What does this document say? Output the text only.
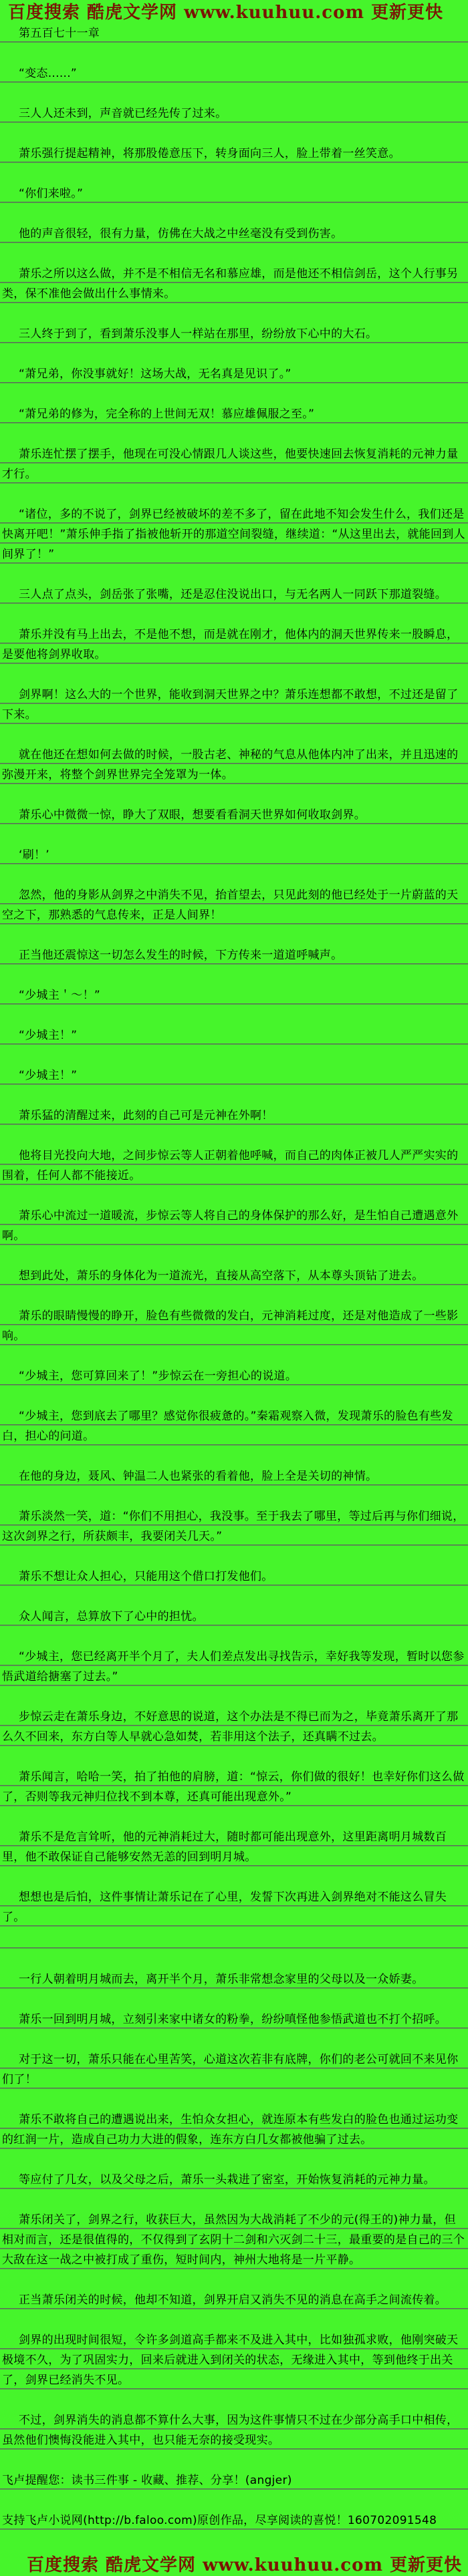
百度搜索 酷虎文学网 www.kuuhuu.com 更新更快
第五百七十一章
“变态......”
三人人还未到，声音就已经先传了过来。
萧乐强行提起精神，将那股倦意压下，转身面向三人，脸上带着一丝笑意。
“你们来啦。”
他的声音很轻，很有力量，仿佛在大战之中丝毫没有受到伤害。
萧乐之所以这么做，并不是不相信无名和慕应雄，而是他还不相信剑岳，这个人行事另类，保不准他会做出什么事情来。
三人终于到了，看到萧乐没事人一样站在那里，纷纷放下心中的大石。
“萧兄弟，你没事就好！这场大战，无名真是见识了。”
“萧兄弟的修为，完全称的上世间无双！慕应雄佩服之至。”
萧乐连忙摆了摆手，他现在可没心情跟几人谈这些，他要快速回去恢复消耗的元神力量才行。
“诸位，多的不说了，剑界已经被破坏的差不多了，留在此地不知会发生什么，我们还是快离开吧！”萧乐伸手指了指被他斩开的那道空间裂缝，继续道：“从这里出去，就能回到人间界了！”
三人点了点头，剑岳张了张嘴，还是忍住没说出口，与无名两人一同跃下那道裂缝。
萧乐并没有马上出去，不是他不想，而是就在刚才，他体内的洞天世界传来一股瞬息，是要他将剑界收取。
剑界啊！这么大的一个世界，能收到洞天世界之中？萧乐连想都不敢想，不过还是留了下来。
就在他还在想如何去做的时候，一股古老、神秘的气息从他体内冲了出来，并且迅速的弥漫开来，将整个剑界世界完全笼罩为一体。
萧乐心中微微一惊，睁大了双眼，想要看看洞天世界如何收取剑界。
‘刷！’
忽然，他的身影从剑界之中消失不见，抬首望去，只见此刻的他已经处于一片蔚蓝的天空之下，那熟悉的气息传来，正是人间界！
正当他还震惊这一切怎么发生的时候，下方传来一道道呼喊声。
“少城主＇～！”
“少城主！”
“少城主！”
萧乐猛的清醒过来，此刻的自己可是元神在外啊！
他将目光投向大地，之间步惊云等人正朝着他呼喊，而自己的肉体正被几人严严实实的围着，任何人都不能接近。
萧乐心中流过一道暖流，步惊云等人将自己的身体保护的那么好，是生怕自己遭遇意外啊。
想到此处，萧乐的身体化为一道流光，直接从高空落下，从本尊头顶钻了进去。
萧乐的眼睛慢慢的睁开，脸色有些微微的发白，元神消耗过度，还是对他造成了一些影响。
“少城主，您可算回来了！”步惊云在一旁担心的说道。
“少城主，您到底去了哪里？感觉你很疲惫的。”秦霜观察入微，发现萧乐的脸色有些发白，担心的问道。
在他的身边，聂风、钟温二人也紧张的看着他，脸上全是关切的神情。
萧乐淡然一笑，道：“你们不用担心，我没事。至于我去了哪里，等过后再与你们细说，这次剑界之行，所获颇丰，我要闭关几天。”
萧乐不想让众人担心，只能用这个借口打发他们。
众人闻言，总算放下了心中的担忧。
“少城主，您已经离开半个月了，夫人们差点发出寻找告示，幸好我等发现，暂时以您参悟武道给搪塞了过去。”
步惊云走在萧乐身边，不好意思的说道，这个办法是不得已而为之，毕竟萧乐离开了那么久不回来，东方白等人早就心急如焚，若非用这个法子，还真瞒不过去。
萧乐闻言，哈哈一笑，拍了拍他的肩膀，道：“惊云，你们做的很好！也幸好你们这么做了，否则等我元神归位找不到本尊，还真可能出现意外。”
萧乐不是危言耸听，他的元神消耗过大，随时都可能出现意外，这里距离明月城数百里，他不敢保证自己能够安然无恙的回到明月城。
想想也是后怕，这件事情让萧乐记在了心里，发誓下次再进入剑界绝对不能这么冒失了。
一行人朝着明月城而去，离开半个月，萧乐非常想念家里的父母以及一众娇妻。
萧乐一回到明月城，立刻引来家中诸女的粉拳，纷纷嗔怪他参悟武道也不打个招呼。
对于这一切，萧乐只能在心里苦笑，心道这次若非有底牌，你们的老公可就回不来见你们了！
萧乐不敢将自己的遭遇说出来，生怕众女担心，就连原本有些发白的脸色也通过运功变的红润一片，造成自己功力大进的假象，连东方白几女都被他骗了过去。
等应付了几女，以及父母之后，萧乐一头栽进了密室，开始恢复消耗的元神力量。
萧乐闭关了，剑界之行，收获巨大，虽然因为大战消耗了不少的元(得王的)神力量，但相对而言，还是很值得的，不仅得到了玄阴十二剑和六灭剑二十三，最重要的是自己的三个大敌在这一战之中被打成了重伤，短时间内，神州大地将是一片平静。
正当萧乐闭关的时候，他却不知道，剑界开启又消失不见的消息在高手之间流传着。
剑界的出现时间很短，令许多剑道高手都来不及进入其中，比如独孤求败，他刚突破天极境不久，为了巩固实力，回来后就进入到闭关的状态，无缘进入其中，等到他终于出关了，剑界已经消失不见。
不过，剑界消失的消息都不算什么大事，因为这件事情只不过在少部分高手口中相传，虽然他们懊悔没能进入其中，也只能无奈的接受现实。
飞卢提醒您：读书三件事 - 收藏、推荐、分享！(angjer)
支持飞卢小说网(http://b.faloo.com)原创作品，尽享阅读的喜悦！160702091548
百度搜索 酷虎文学网 www.kuuhuu.com 更新更快
